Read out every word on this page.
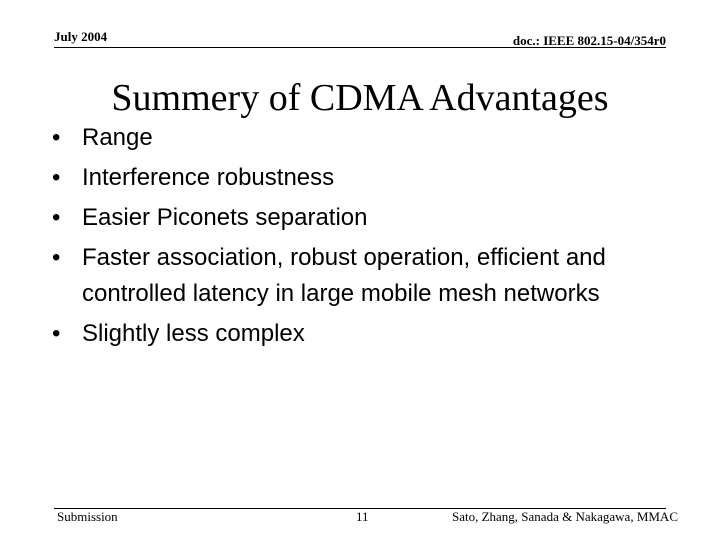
July 2004	doc.: IEEE 802.15-04/354r0
Summery of CDMA Advantages
• Range
• Interference robustness
• Easier Piconets separation
• Faster association, robust operation, efficient and controlled latency in large mobile mesh networks
• Slightly less complex
Submission	11	Sato, Zhang, Sanada & Nakagawa, MMAC
